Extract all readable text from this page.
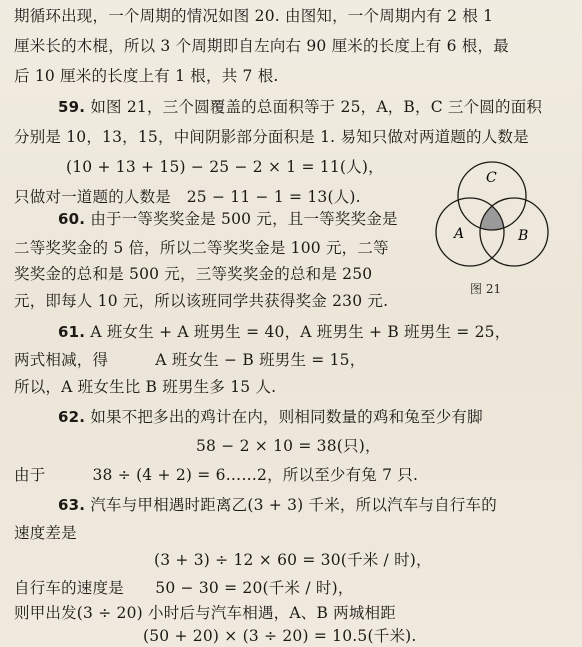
期循环出现，一个周期的情况如图 20. 由图知，一个周期内有 2 根 1
厘米长的木棍，所以 3 个周期即自左向右 90 厘米的长度上有 6 根，最
后 10 厘米的长度上有 1 根，共 7 根.
59. 如图 21，三个圆覆盖的总面积等于 25，A，B，C 三个圆的面积
分别是 10，13，15，中间阴影部分面积是 1. 易知只做对两道题的人数是
(10 + 13 + 15) − 25 − 2 × 1 = 11(人)，
只做对一道题的人数是　25 − 11 − 1 = 13(人).
60. 由于一等奖奖金是 500 元，且一等奖奖金是
二等奖奖金的 5 倍，所以二等奖奖金是 100 元，二等
奖奖金的总和是 500 元，三等奖奖金的总和是 250
元，即每人 10 元，所以该班同学共获得奖金 230 元.
61. A 班女生 + A 班男生 = 40，A 班男生 + B 班男生 = 25，
两式相减，得　　　A 班女生 − B 班男生 = 15，
所以，A 班女生比 B 班男生多 15 人.
62. 如果不把多出的鸡计在内，则相同数量的鸡和兔至少有脚
58 − 2 × 10 = 38(只)，
由于　　　38 ÷ (4 + 2) = 6……2，所以至少有兔 7 只.
63. 汽车与甲相遇时距离乙(3 + 3) 千米，所以汽车与自行车的
速度差是
(3 + 3) ÷ 12 × 60 = 30(千米 / 时)，
自行车的速度是　　50 − 30 = 20(千米 / 时)，
则甲出发(3 ÷ 20) 小时后与汽车相遇，A、B 两城相距
(50 + 20) × (3 ÷ 20) = 10.5(千米).
C
A	B
图 21
